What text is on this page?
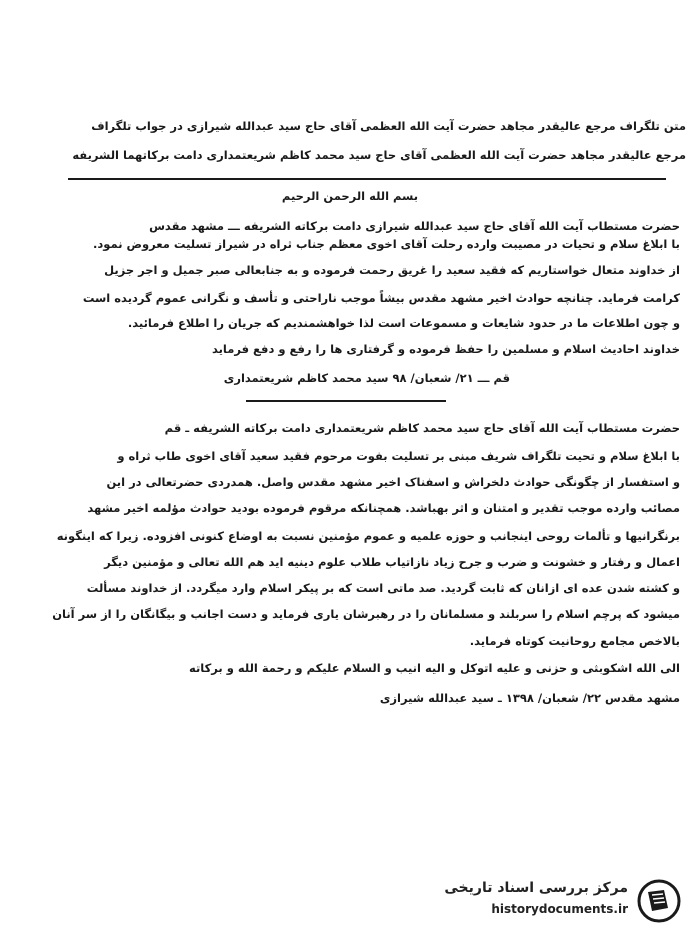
متن تلگراف مرجع عالیقدر مجاهد حضرت آیت الله العظمی آقای حاج سید عبدالله شیرازی در جواب تلگراف
مرجع عالیقدر مجاهد حضرت آیت الله العظمی آقای حاج سید محمد کاظم شریعتمداری دامت برکاتهما الشریفه
بسم الله الرحمن الرحیم
حضرت مستطاب آیت الله آقای حاج سید عبدالله شیرازی دامت برکاته الشریفه ـــ مشهد مقدس
با ابلاغ سلام و تحیات در مصیبت وارده رحلت آقای اخوی معظم جناب ثراه در شیراز تسلیت معروض نمود.
از خداوند متعال خواستاریم که فقید سعید را غریق رحمت فرموده و به جنابعالی صبر جمیل و اجر جزیل
کرامت فرماید. چنانچه حوادث اخیر مشهد مقدس بیشاً موجب ناراحتی و تأسف و نگرانی عموم گردیده است
و چون اطلاعات ما در حدود شایعات و مسموعات است لذا خواهشمندیم که جریان را اطلاع فرمائید.
خداوند احادیث اسلام و مسلمین را حفظ فرموده و گرفتاری ها را رفع و دفع فرماید
قم ـــ ۲۱/ شعبان/ ۹۸ سید محمد کاظم شریعتمداری
حضرت مستطاب آیت الله آقای حاج سید محمد کاظم شریعتمداری دامت برکاته الشریفه ـ قم
با ابلاغ سلام و تحیت تلگراف شریف مبنی بر تسلیت بفوت مرحوم فقید سعید آقای اخوی طاب ثراه و
و استفسار از چگونگی حوادث دلخراش و اسفناک اخیر مشهد مقدس واصل. همدردی حضرتعالی در این
مصائب وارده موجب تقدیر و امتنان و اثر بهباشد. همچنانکه مرقوم فرموده بودید حوادث مؤلمه اخیر مشهد
برنگرانیها و تألمات روحی اینجانب و حوزه علمیه و عموم مؤمنین نسبت به اوضاع کنونی افزوده. زیرا که اینگونه
اعمال و رفتار و خشونت و ضرب و جرح زیاد نازاتیاب طلاب علوم دینیه اید هم الله تعالی و مؤمنین دیگر
و کشته شدن عده ای ازانان که ثابت گردید. صد ماتی است که بر پیکر اسلام وارد میگردد. از خداوند مسألت
میشود که پرچم اسلام را سربلند و مسلمانان را در رهبرشان یاری فرماید و دست اجانب و بیگانگان را از سر آنان
بالاخص مجامع روحانیت کوتاه فرماید.
الی الله اشکوبثی و حزنی و علیه اتوکل و الیه انیب و السلام علیکم و رحمة الله و برکاته
مشهد مقدس ۲۲/ شعبان/ ۱۳۹۸ ـ سید عبدالله شیرازی
مرکز بررسی اسناد تاریخی
historydocuments.ir
